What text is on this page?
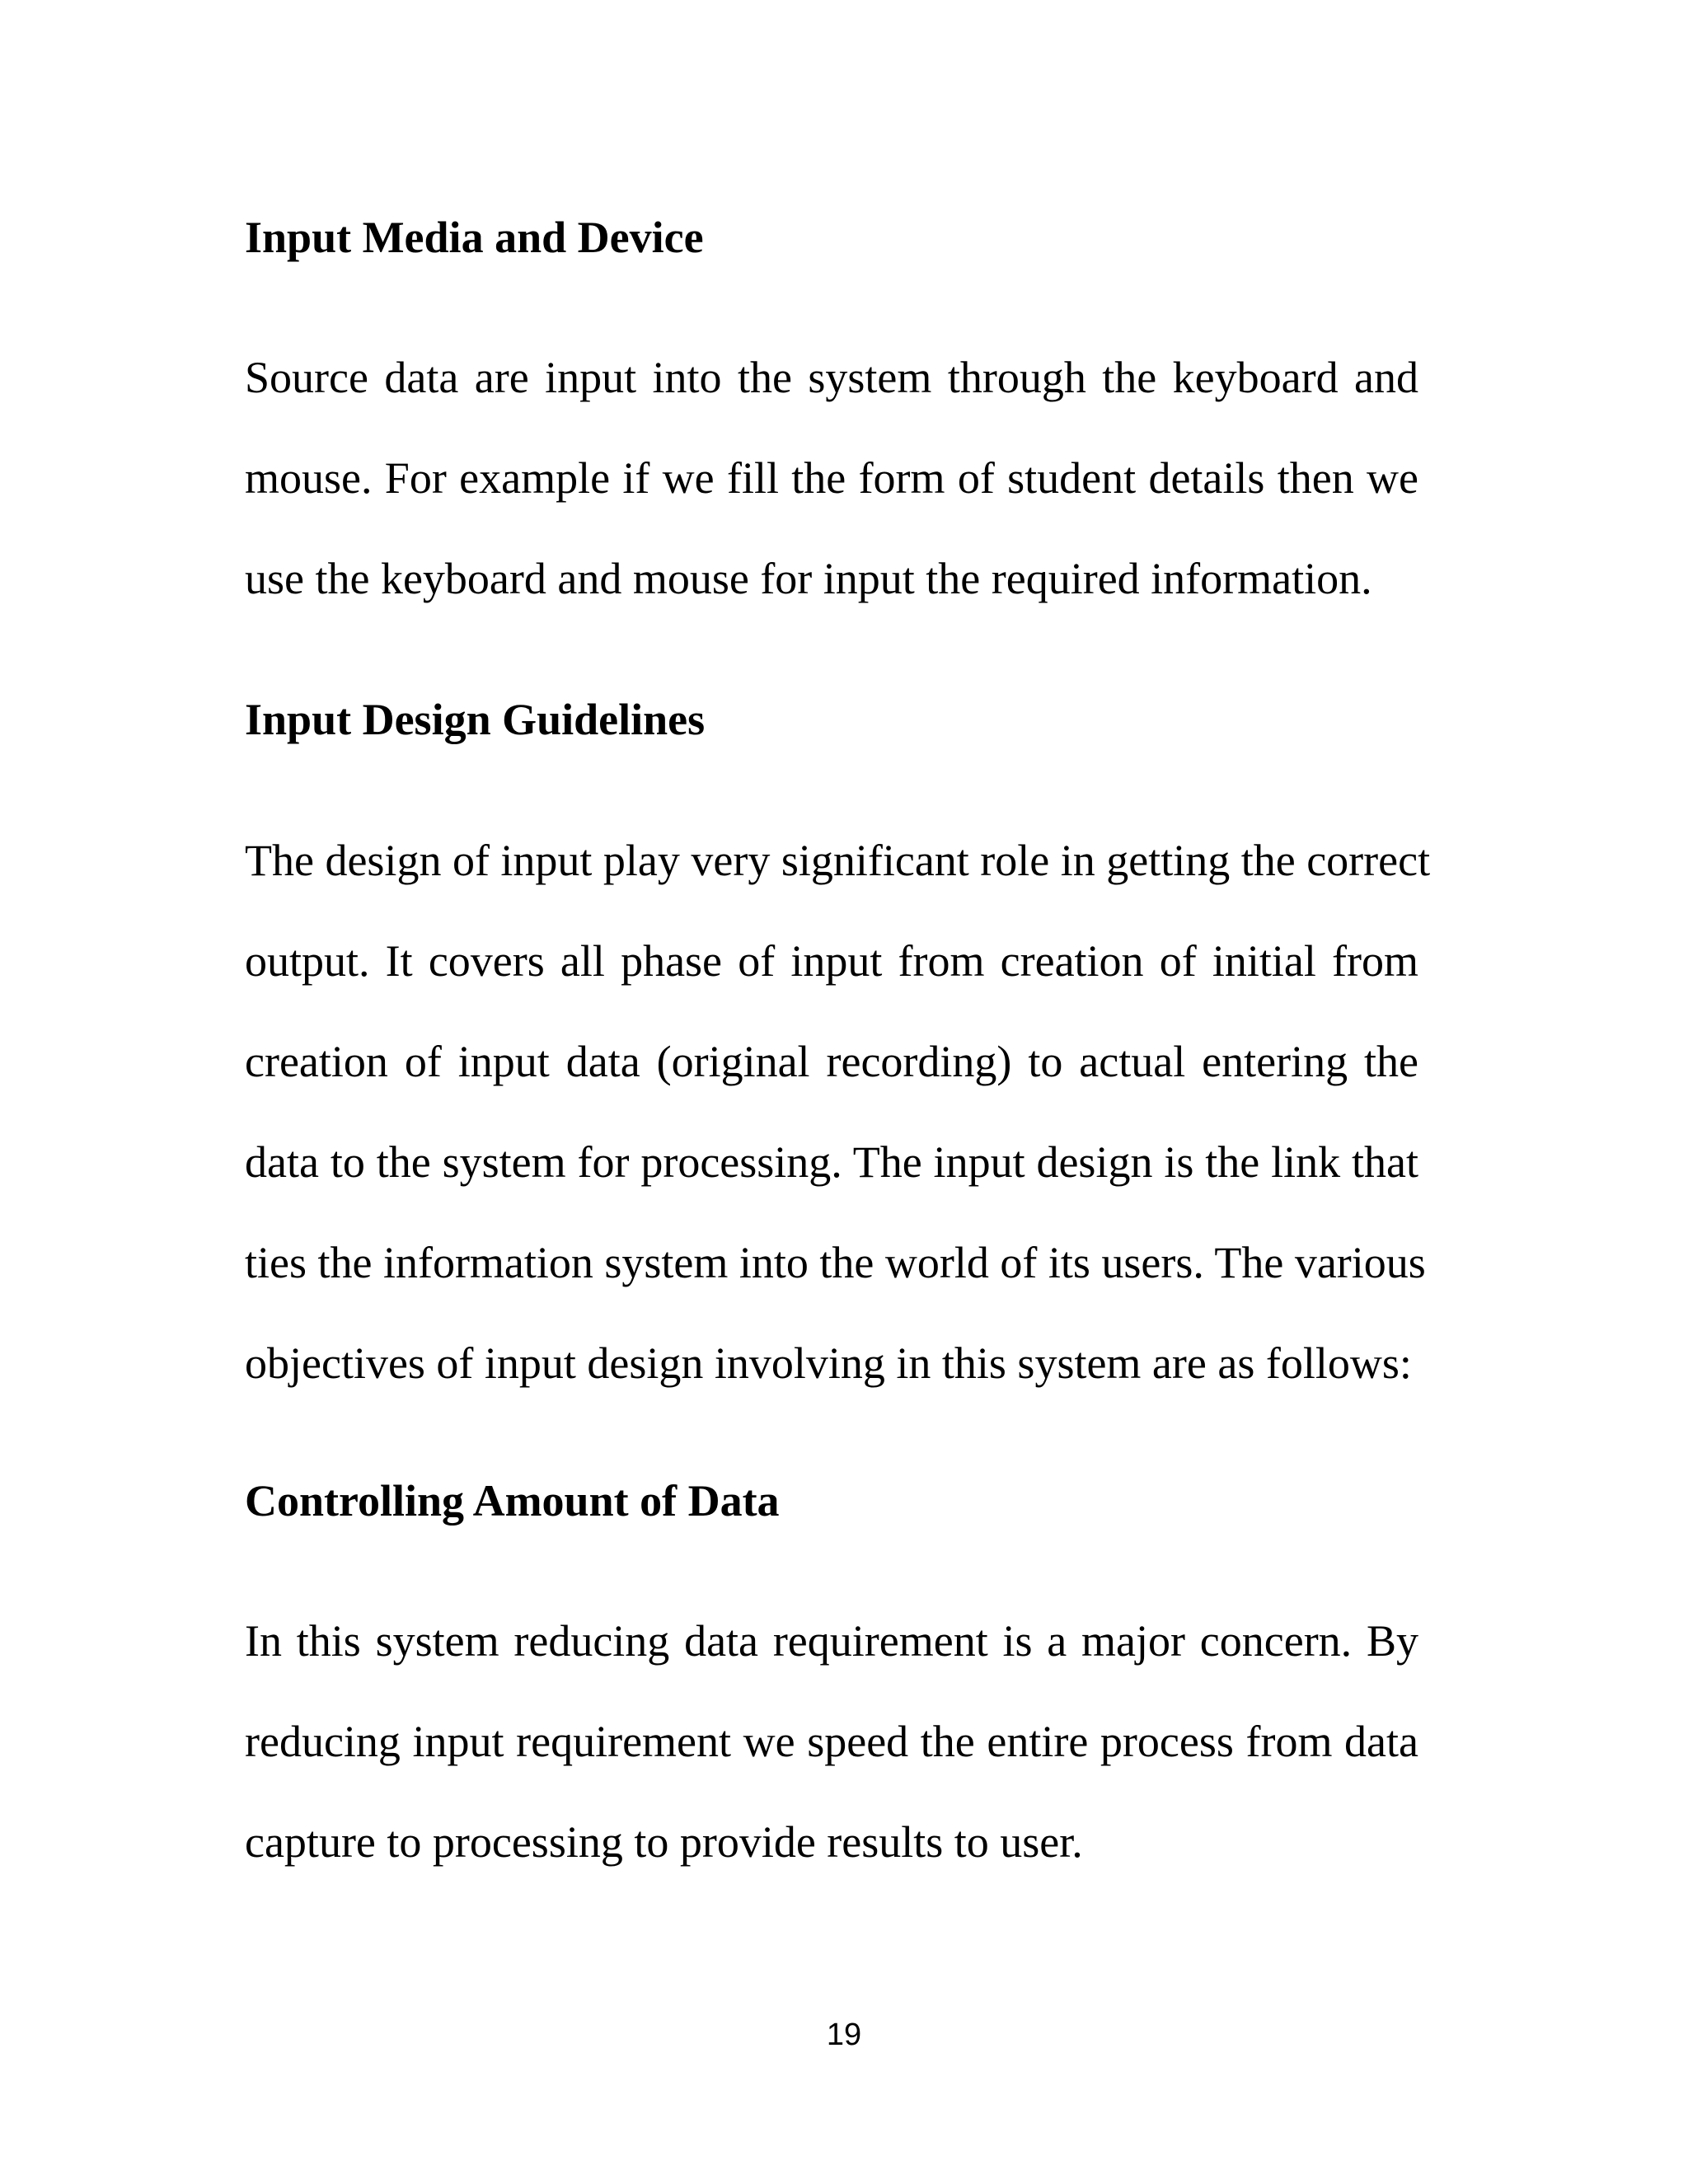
Input Media and Device
Source data are input into the system through the keyboard and
mouse. For example if we fill the form of student details then we
use the keyboard and mouse for input the required information.
Input Design Guidelines
The design of input play very significant role in getting the correct
output. It covers all phase of input from creation of initial from
creation of input data (original recording) to actual entering the
data to the system for processing. The input design is the link that
ties the information system into the world of its users. The various
objectives of input design involving in this system are as follows:
Controlling Amount of Data
In this system reducing data requirement is a major concern. By
reducing input requirement we speed the entire process from data
capture to processing to provide results to user.
19
